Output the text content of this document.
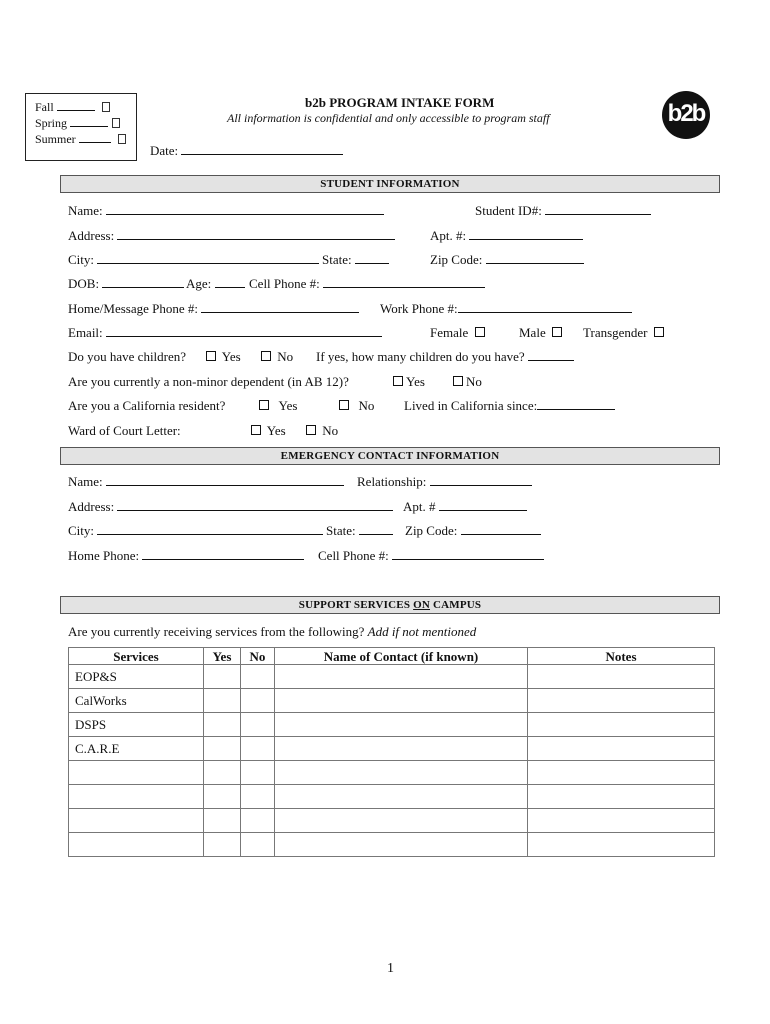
Fall
Spring
Summer
b2b PROGRAM INTAKE FORM
All information is confidential and only accessible to program staff
Date:
b2b
STUDENT INFORMATION
Name:	Student ID#:
Address:	Apt. #:
City:	State:	Zip Code:
DOB:	Age:	Cell Phone #:
Home/Message Phone #:	Work Phone #:
Email:	Female	Male	Transgender
Do you have children?	Yes	No If yes, how many children do you have?
Are you currently a non-minor dependent (in AB 12)?	Yes	No
Are you a California resident?	Yes	No Lived in California since:
Ward of Court Letter:	Yes	No
EMERGENCY CONTACT INFORMATION
Name:	Relationship:
Address:	Apt. #
City:	State:	Zip Code:
Home Phone:	Cell Phone #:
SUPPORT SERVICES ON CAMPUS
Are you currently receiving services from the following? Add if not mentioned
Services	Yes	No	Name of Contact (if known)	Notes
EOP&S				
CalWorks				
DSPS				
C.A.R.E				

1
